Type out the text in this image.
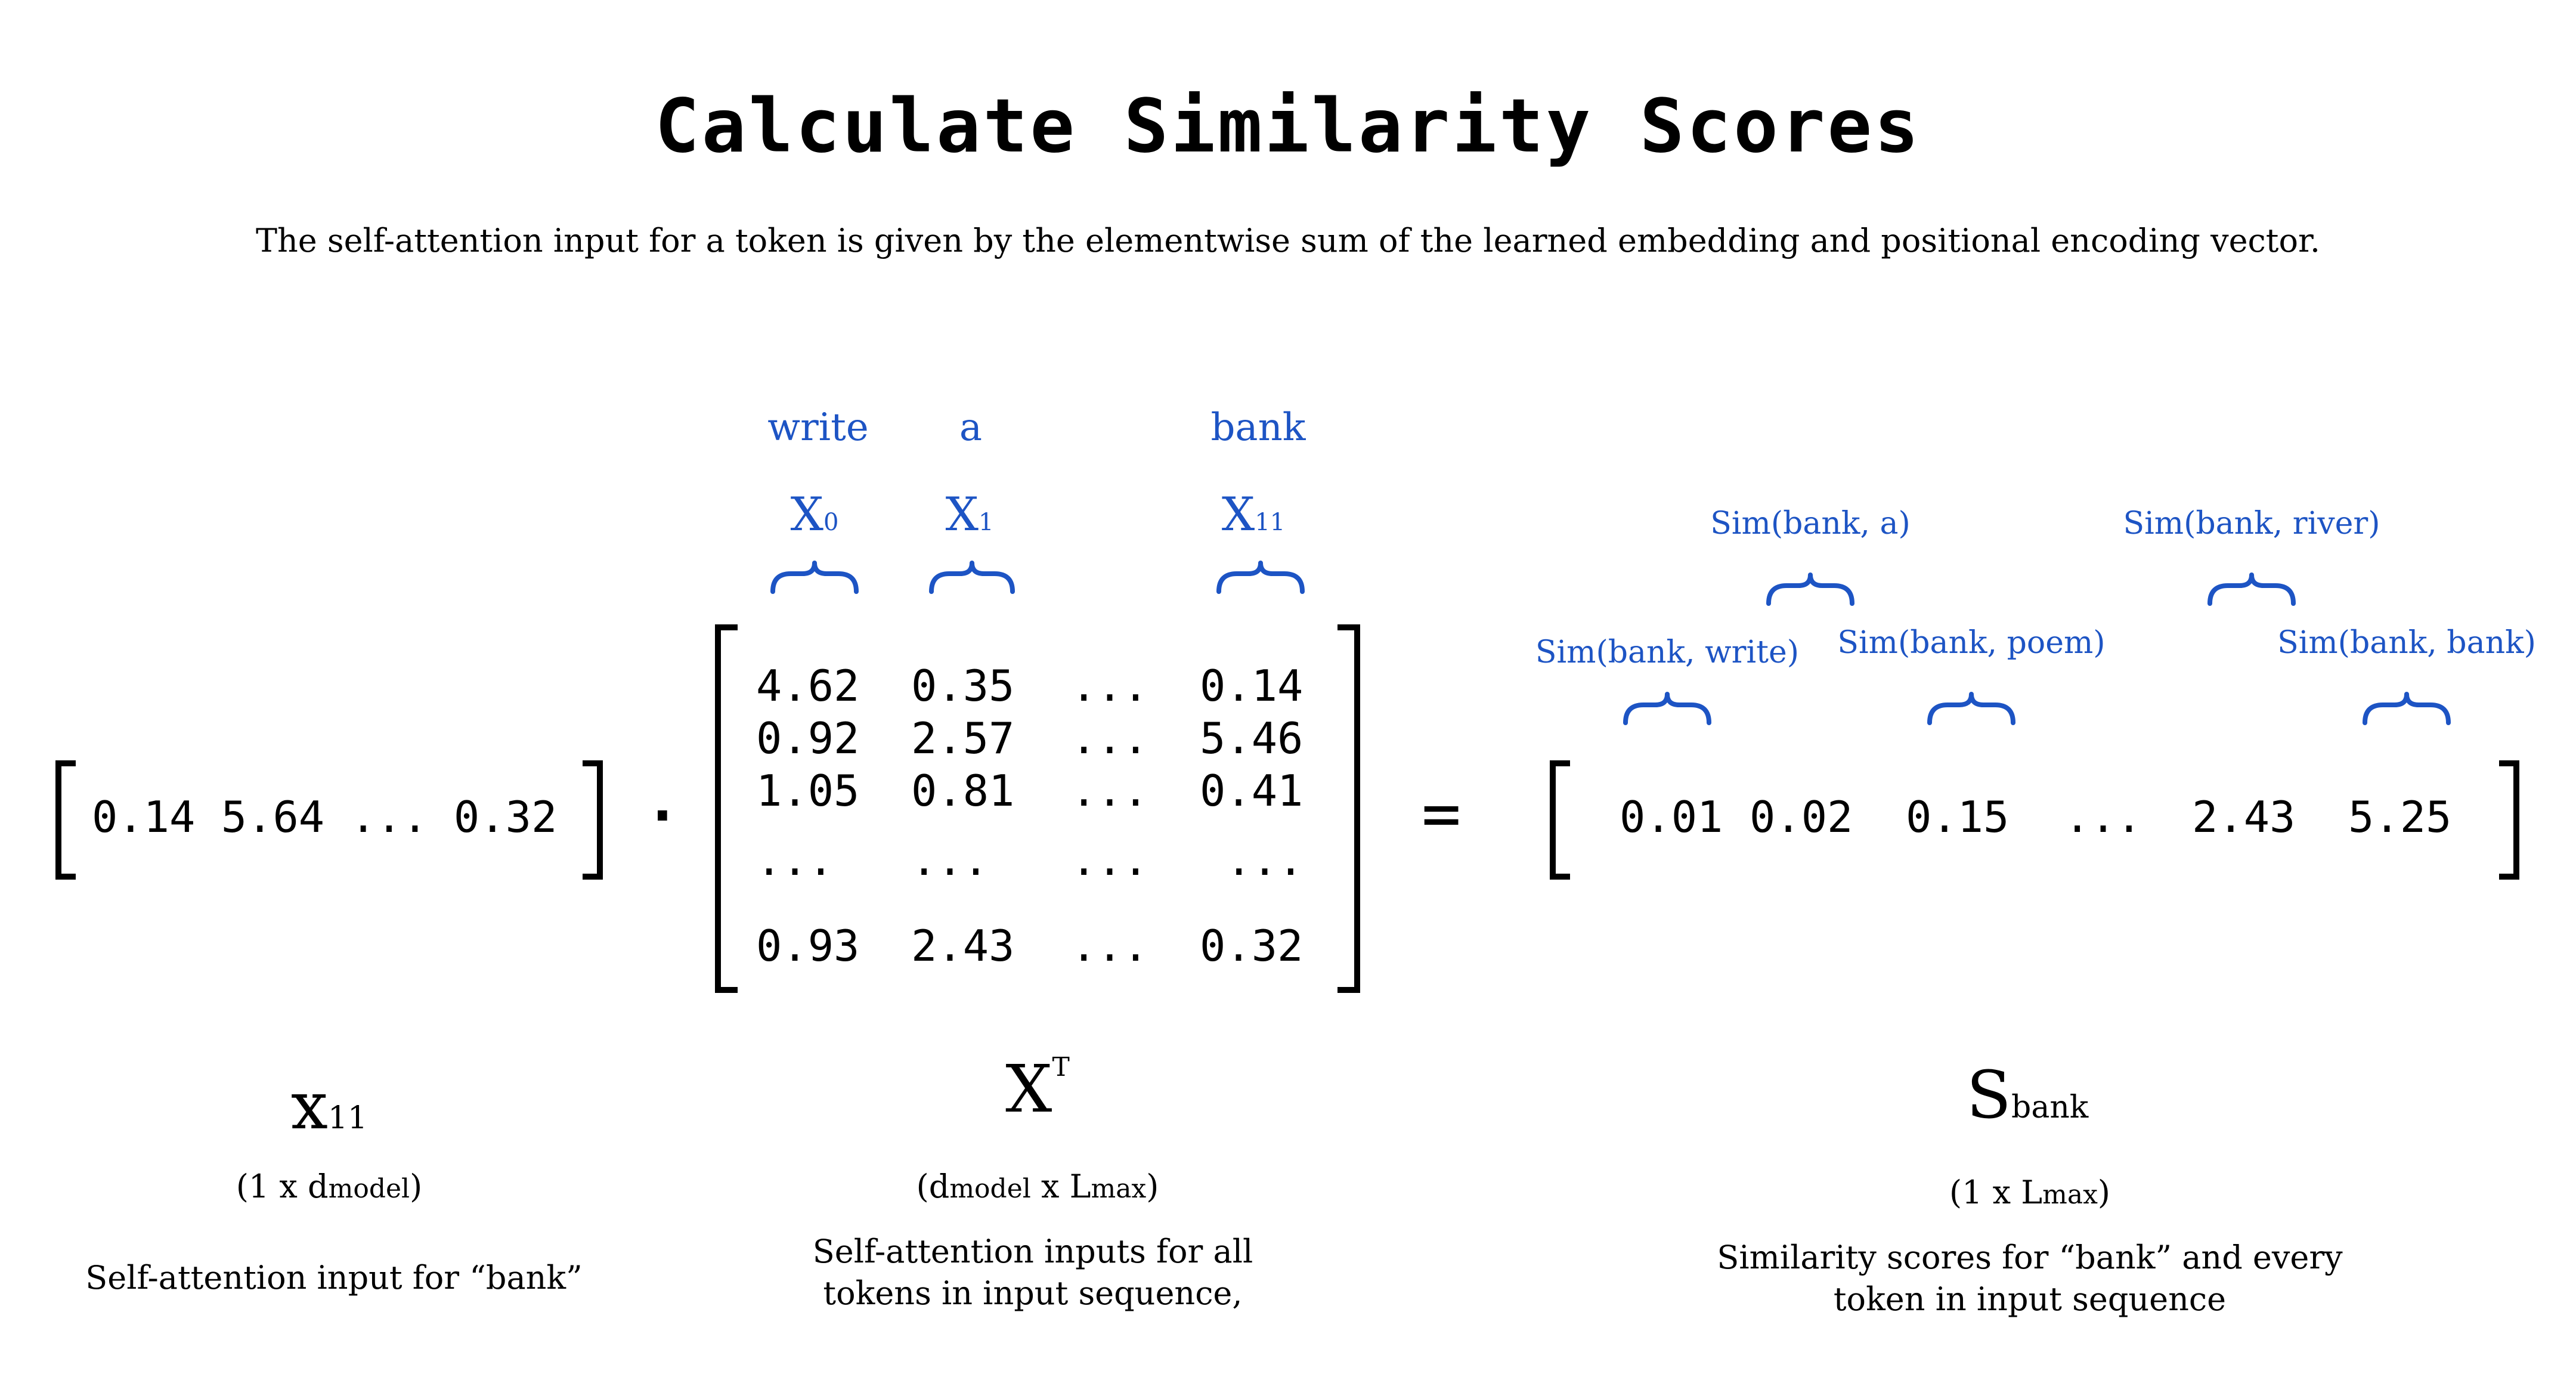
Calculate Similarity Scores
The self-attention input for a token is given by the elementwise sum of the learned embedding and positional encoding vector.
write a	bank
X0 X1	X11	Sim(bank, a)	Sim(bank, river)
Sim(bank, write) Sim(bank, poem)	Sim(bank, bank)
0.14 5.64 ... 0.32 ·
4.62 0.35 ... 0.14
0.92 2.57 ... 5.46
1.05 0.81 ... 0.41
... ... ... ...
0.93 2.43 ... 0.32
=	0.01 0.02 0.15 ... 2.43 5.25
x11
(1 x dmodel)
Self-attention input for “bank”
$X^T$
(dmodel x Lmax)
Self-attention inputs for all
tokens in input sequence,
Sbank
(1 x Lmax)
Similarity scores for “bank” and every
token in input sequence
